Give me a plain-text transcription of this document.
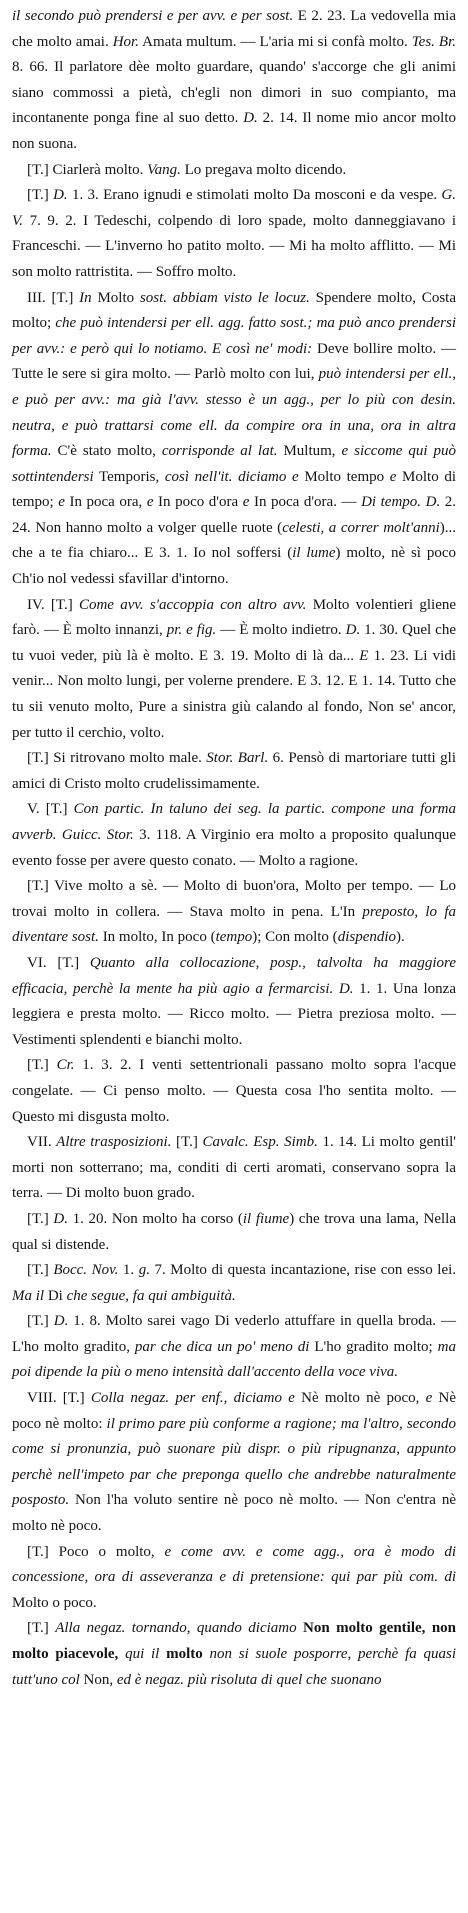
il secondo può prendersi e per avv. e per sost. E 2. 23. La vedovella mia che molto amai. Hor. Amata multum. — L'aria mi si confà molto. Tes. Br. 8. 66. Il parlatore dèe molto guardare, quando' s'accorge che gli animi siano commossi a pietà, ch'egli non dimori in suo compianto, ma incontanente ponga fine al suo detto. D. 2. 14. Il nome mio ancor molto non suona.

[T.] Ciarlerà molto. Vang. Lo pregava molto dicendo.

[T.] D. 1. 3. Erano ignudi e stimolati molto Da mosconi e da vespe. G. V. 7. 9. 2. I Tedeschi, colpendo di loro spade, molto danneggiavano i Franceschi. — L'inverno ho patito molto. — Mi ha molto afflitto. — Mi son molto rattristita. — Soffro molto.

III. [T.] In Molto sost. abbiam visto le locuz. Spendere molto, Costa molto; che può intendersi per ell. agg. fatto sost.; ma può anco prendersi per avv.: e però qui lo notiamo. E così ne' modi: Deve bollire molto. — Tutte le sere si gira molto. — Parlò molto con lui, può intendersi per ell., e può per avv.: ma già l'avv. stesso è un agg., per lo più con desin. neutra, e può trattarsi come ell. da compire ora in una, ora in altra forma. C'è stato molto, corrisponde al lat. Multum, e siccome qui può sottintendersi Temporis, così nell'it. diciamo e Molto tempo e Molto di tempo; e In poca ora, e In poco d'ora e In poca d'ora. — Di tempo. D. 2. 24. Non hanno molto a volger quelle ruote (celesti, a correr molt'anni)... che a te fia chiaro... E 3. 1. Io nol soffersi (il lume) molto, nè sì poco Ch'io nol vedessi sfavillar d'intorno.

IV. [T.] Come avv. s'accoppia con altro avv. Molto volentieri gliene farò. — È molto innanzi, pr. e fig. — È molto indietro. D. 1. 30. Quel che tu vuoi veder, più là è molto. E 3. 19. Molto di là da... E 1. 23. Li vidi venir... Non molto lungi, per volerne prendere. E 3. 12. E 1. 14. Tutto che tu sii venuto molto, Pure a sinistra giù calando al fondo, Non se' ancor, per tutto il cerchio, volto.

[T.] Si ritrovano molto male. Stor. Barl. 6. Pensò di martoriare tutti gli amici di Cristo molto crudelissimamente.

V. [T.] Con partic. In taluno dei seg. la partic. compone una forma avverb. Guicc. Stor. 3. 118. A Virginio era molto a proposito qualunque evento fosse per avere questo conato. — Molto a ragione.

[T.] Vive molto a sè. — Molto di buon'ora, Molto per tempo. — Lo trovai molto in collera. — Stava molto in pena. L'In preposto, lo fa diventare sost. In molto, In poco (tempo); Con molto (dispendio).

VI. [T.] Quanto alla collocazione, posp., talvolta ha maggiore efficacia, perchè la mente ha più agio a fermarcisi. D. 1. 1. Una lonza leggiera e presta molto. — Ricco molto. — Pietra preziosa molto. — Vestimenti splendenti e bianchi molto.

[T.] Cr. 1. 3. 2. I venti settentrionali passano molto sopra l'acque congelate. — Ci penso molto. — Questa cosa l'ho sentita molto. — Questo mi disgusta molto.

VII. Altre trasposizioni. [T.] Cavalc. Esp. Simb. 1. 14. Li molto gentil' morti non sotterrano; ma, conditi di certi aromati, conservano sopra la terra. — Di molto buon grado.

[T.] D. 1. 20. Non molto ha corso (il fiume) che trova una lama, Nella qual si distende.

[T.] Bocc. Nov. 1. g. 7. Molto di questa incantazione, rise con esso lei. Ma il Di che segue, fa qui ambiguità.

[T.] D. 1. 8. Molto sarei vago Di vederlo attuffare in quella broda. — L'ho molto gradito, par che dica un po' meno di L'ho gradito molto; ma poi dipende la più o meno intensità dall'accento della voce viva.

VIII. [T.] Colla negaz. per enf., diciamo e Nè molto nè poco, e Nè poco nè molto: il primo pare più conforme a ragione; ma l'altro, secondo come si pronunzia, può suonare più dispr. o più ripugnanza, appunto perchè nell'impeto par che preponga quello che andrebbe naturalmente posposto. Non l'ha voluto sentire nè poco nè molto. — Non c'entra nè molto nè poco.

[T.] Poco o molto, e come avv. e come agg., ora è modo di concessione, ora di asseveranza e di pretensione: qui par più com. di Molto o poco.

[T.] Alla negaz. tornando, quando diciamo Non molto gentile, non molto piacevole, qui il molto non si suole posporre, perchè fa quasi tutt'uno col Non, ed è negaz. più risoluta di quel che suonano
